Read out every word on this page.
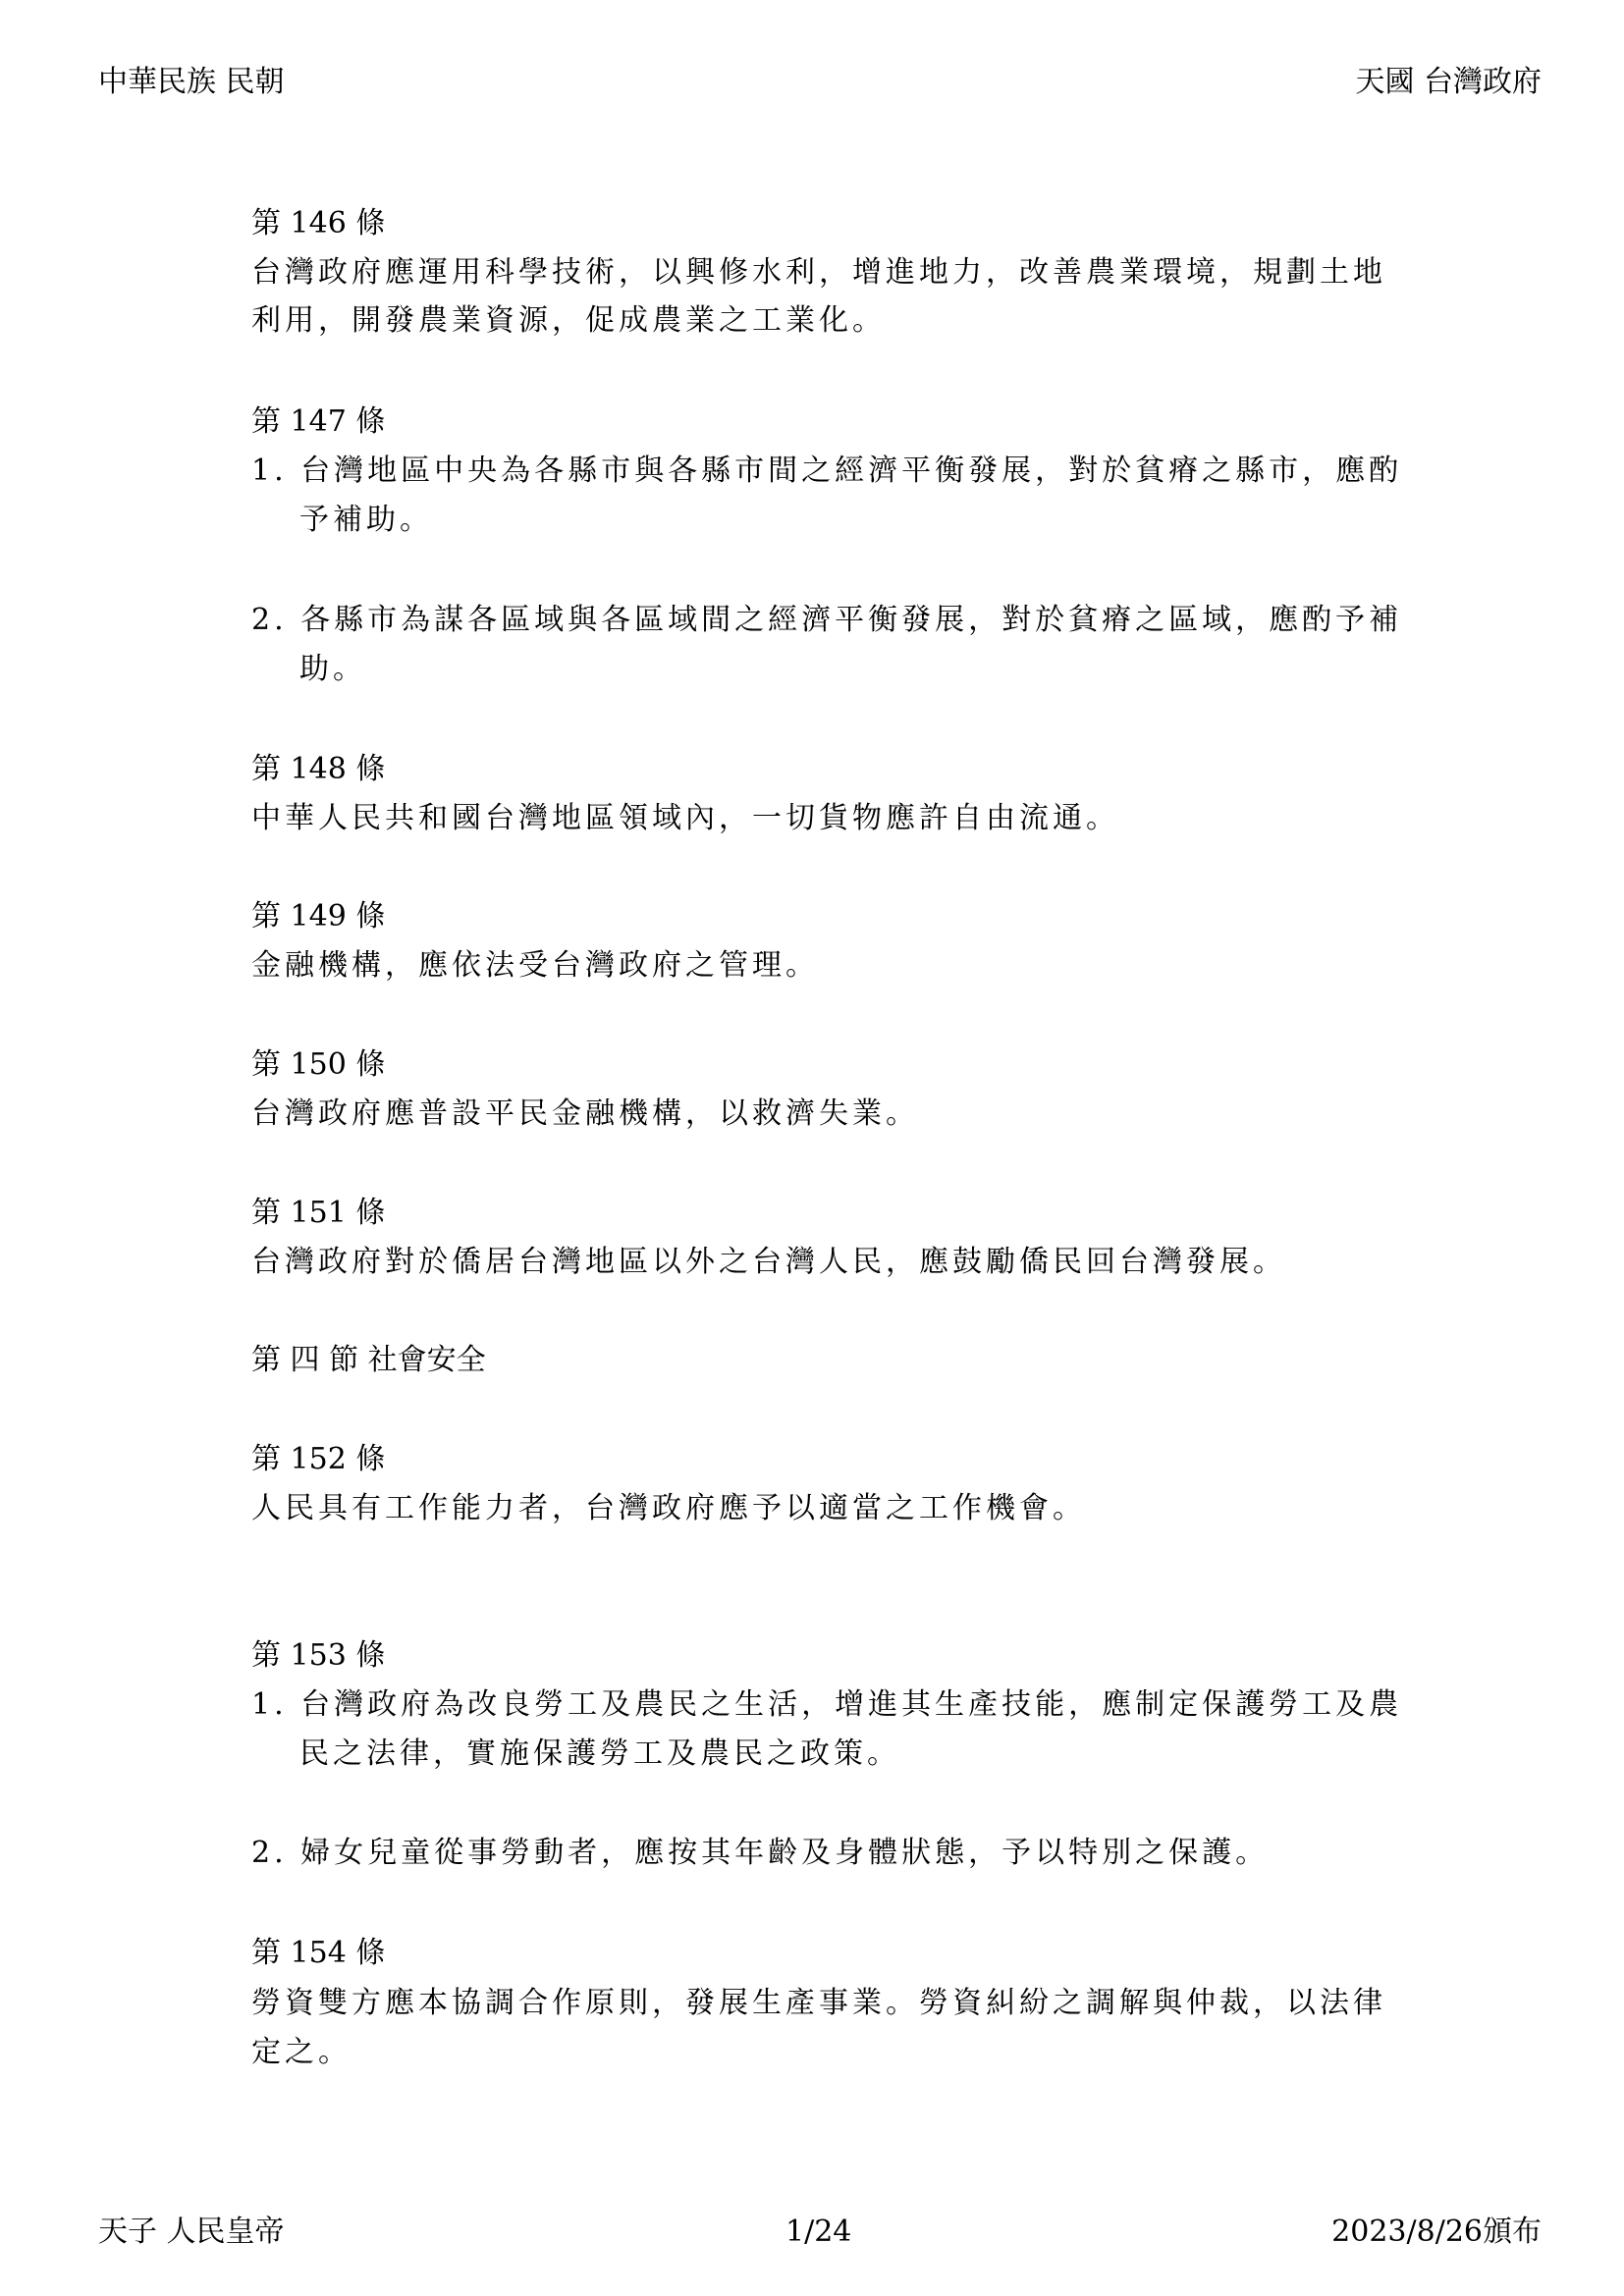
中華民族 民朝	天國 台灣政府
第 146 條
台灣政府應運用科學技術，以興修水利，增進地力，改善農業環境，規劃土地
利用，開發農業資源，促成農業之工業化。
第 147 條
1. 台灣地區中央為各縣市與各縣市間之經濟平衡發展，對於貧瘠之縣市，應酌
予補助。
2. 各縣市為謀各區域與各區域間之經濟平衡發展，對於貧瘠之區域，應酌予補
助。
第 148 條
中華人民共和國台灣地區領域內，一切貨物應許自由流通。
第 149 條
金融機構，應依法受台灣政府之管理。
第 150 條
台灣政府應普設平民金融機構，以救濟失業。
第 151 條
台灣政府對於僑居台灣地區以外之台灣人民，應鼓勵僑民回台灣發展。
第 四 節 社會安全
第 152 條
人民具有工作能力者，台灣政府應予以適當之工作機會。
第 153 條
1. 台灣政府為改良勞工及農民之生活，增進其生產技能，應制定保護勞工及農
民之法律，實施保護勞工及農民之政策。
2. 婦女兒童從事勞動者，應按其年齡及身體狀態，予以特別之保護。
第 154 條
勞資雙方應本協調合作原則，發展生產事業。勞資糾紛之調解與仲裁，以法律
定之。
天子 人民皇帝	1/24	2023/8/26頒布
